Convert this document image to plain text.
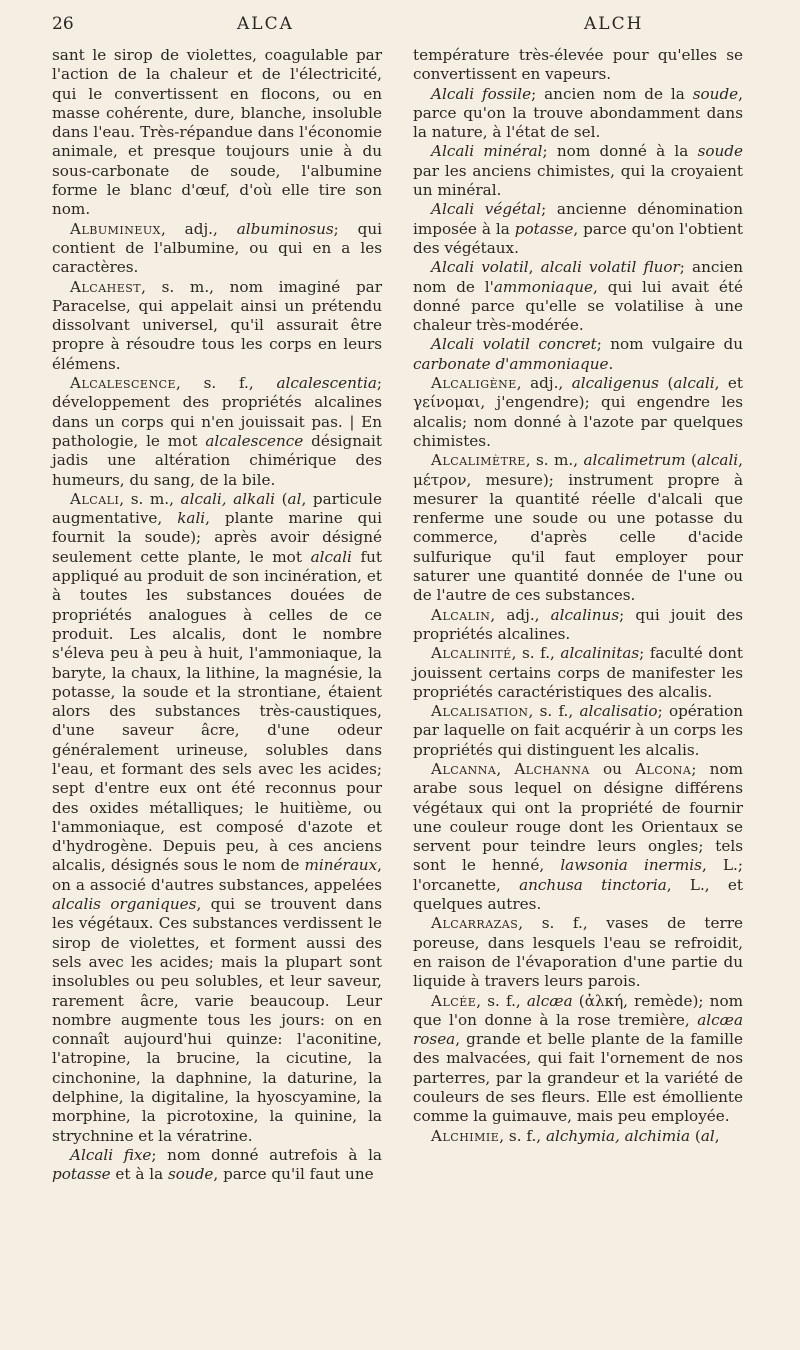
26	ALCA	ALCH

sant le sirop de violettes, coagulable par l'action de la chaleur et de l'électricité, qui le convertissent en flocons, ou en masse cohérente, dure, blanche, insoluble dans l'eau. Très-répandue dans l'économie animale, et presque toujours unie à du sous-carbonate de soude, l'albumine forme le blanc d'œuf, d'où elle tire son nom.

Albumineux, adj., albuminosus; qui contient de l'albumine, ou qui en a les caractères.

Alcahest, s. m., nom imaginé par Paracelse, qui appelait ainsi un prétendu dissolvant universel, qu'il assurait être propre à résoudre tous les corps en leurs élémens.

Alcalescence, s. f., alcalescentia; développement des propriétés alcalines dans un corps qui n'en jouissait pas. | En pathologie, le mot alcalescence désignait jadis une altération chimérique des humeurs, du sang, de la bile.

Alcali, s. m., alcali, alkali (al, particule augmentative, kali, plante marine qui fournit la soude); après avoir désigné seulement cette plante, le mot alcali fut appliqué au produit de son incinération, et à toutes les substances douées de propriétés analogues à celles de ce produit. Les alcalis, dont le nombre s'éleva peu à peu à huit, l'ammoniaque, la baryte, la chaux, la lithine, la magnésie, la potasse, la soude et la strontiane, étaient alors des substances très-caustiques, d'une saveur âcre, d'une odeur généralement urineuse, solubles dans l'eau, et formant des sels avec les acides; sept d'entre eux ont été reconnus pour des oxides métalliques; le huitième, ou l'ammoniaque, est composé d'azote et d'hydrogène. Depuis peu, à ces anciens alcalis, désignés sous le nom de minéraux, on a associé d'autres substances, appelées alcalis organiques, qui se trouvent dans les végétaux. Ces substances verdissent le sirop de violettes, et forment aussi des sels avec les acides; mais la plupart sont insolubles ou peu solubles, et leur saveur, rarement âcre, varie beaucoup. Leur nombre augmente tous les jours: on en connaît aujourd'hui quinze: l'aconitine, l'atropine, la brucine, la cicutine, la cinchonine, la daphnine, la daturine, la delphine, la digitaline, la hyoscyamine, la morphine, la picrotoxine, la quinine, la strychnine et la vératrine.

Alcali fixe; nom donné autrefois à la potasse et à la soude, parce qu'il faut une

température très-élevée pour qu'elles se convertissent en vapeurs.

Alcali fossile; ancien nom de la soude, parce qu'on la trouve abondamment dans la nature, à l'état de sel.

Alcali minéral; nom donné à la soude par les anciens chimistes, qui la croyaient un minéral.

Alcali végétal; ancienne dénomination imposée à la potasse, parce qu'on l'obtient des végétaux.

Alcali volatil, alcali volatil fluor; ancien nom de l'ammoniaque, qui lui avait été donné parce qu'elle se volatilise à une chaleur très-modérée.

Alcali volatil concret; nom vulgaire du carbonate d'ammoniaque.

Alcaligène, adj., alcaligenus (alcali, et γείνομαι, j'engendre); qui engendre les alcalis; nom donné à l'azote par quelques chimistes.

Alcalimètre, s. m., alcalimetrum (alcali, μέτρον, mesure); instrument propre à mesurer la quantité réelle d'alcali que renferme une soude ou une potasse du commerce, d'après celle d'acide sulfurique qu'il faut employer pour saturer une quantité donnée de l'une ou de l'autre de ces substances.

Alcalin, adj., alcalinus; qui jouit des propriétés alcalines.

Alcalinité, s. f., alcalinitas; faculté dont jouissent certains corps de manifester les propriétés caractéristiques des alcalis.

Alcalisation, s. f., alcalisatio; opération par laquelle on fait acquérir à un corps les propriétés qui distinguent les alcalis.

Alcanna, Alchanna ou Alcona; nom arabe sous lequel on désigne différens végétaux qui ont la propriété de fournir une couleur rouge dont les Orientaux se servent pour teindre leurs ongles; tels sont le henné, lawsonia inermis, L.; l'orcanette, anchusa tinctoria, L., et quelques autres.

Alcarrazas, s. f., vases de terre poreuse, dans lesquels l'eau se refroidit, en raison de l'évaporation d'une partie du liquide à travers leurs parois.

Alcée, s. f., alcæa (ἀλκή, remède); nom que l'on donne à la rose tremière, alcæa rosea, grande et belle plante de la famille des malvacées, qui fait l'ornement de nos parterres, par la grandeur et la variété de couleurs de ses fleurs. Elle est émolliente comme la guimauve, mais peu employée.

Alchimie, s. f., alchymia, alchimia (al,
